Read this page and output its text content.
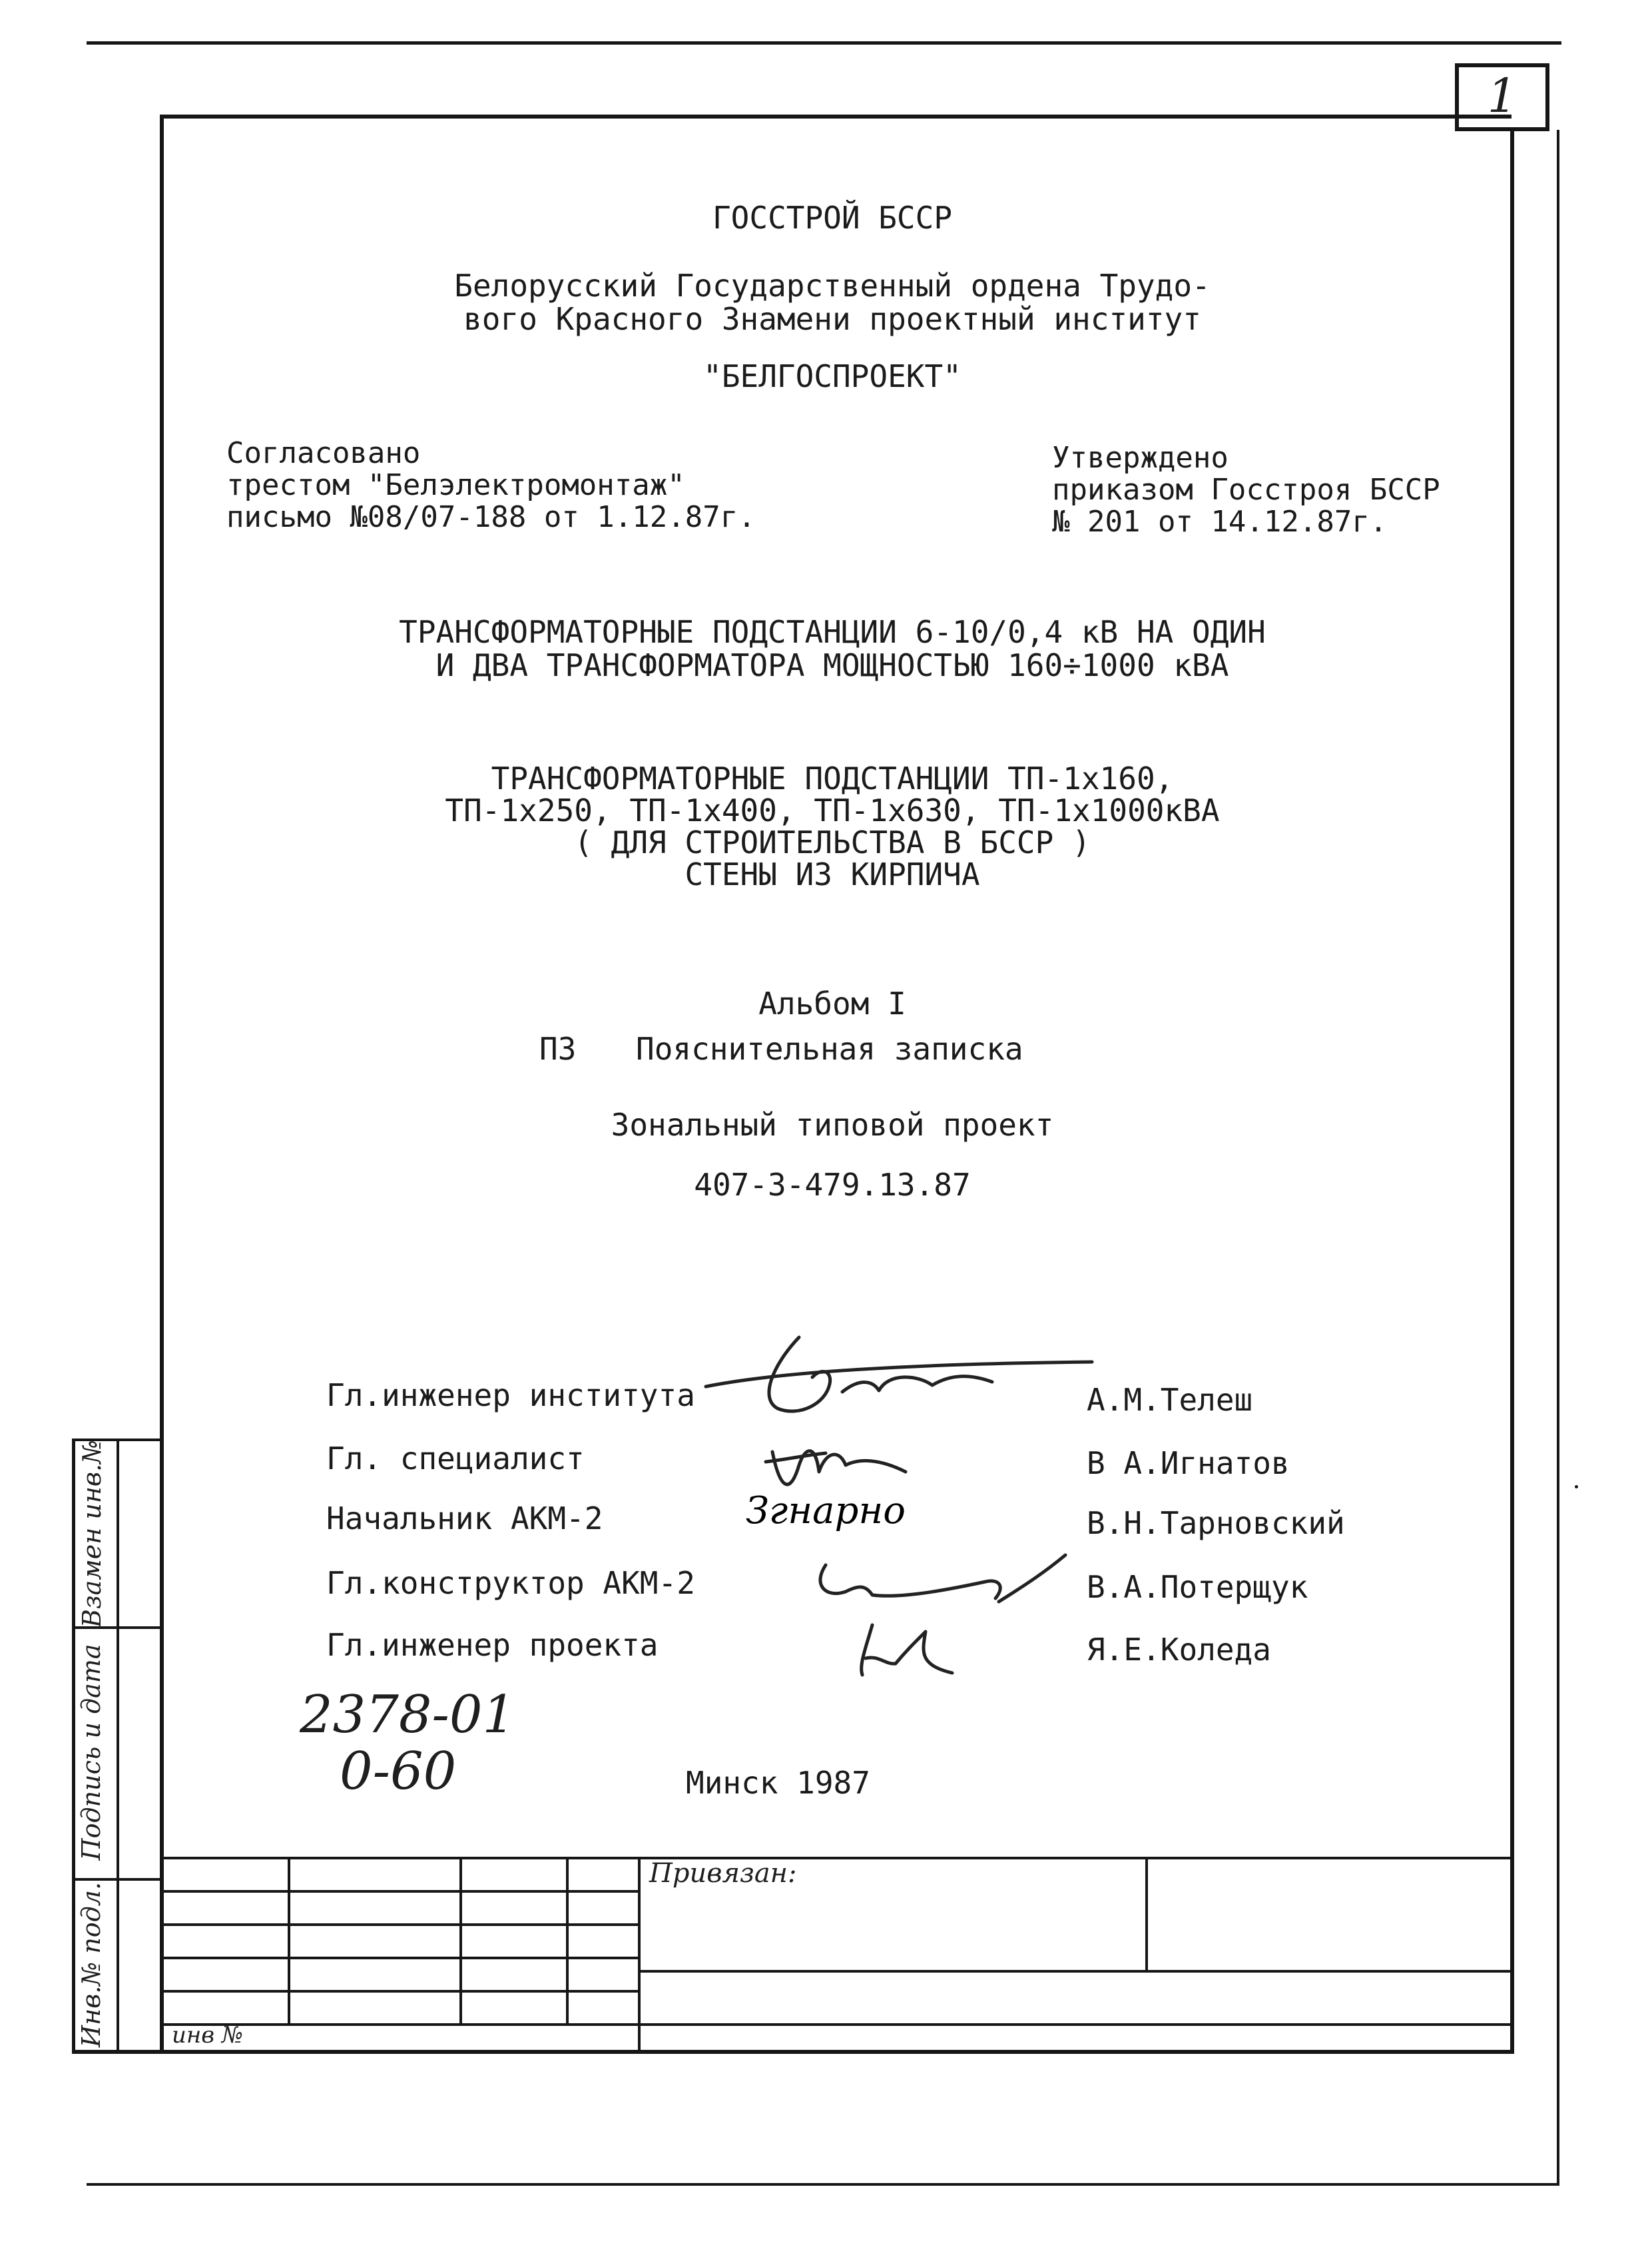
1
ГОССТРОЙ БССР
Белорусский Государственный ордена Трудо-
вого Красного Знамени проектный институт
"БЕЛГОСПРОЕКТ"
Согласовано
трестом "Белэлектромонтаж"
письмо №08/07-188 от 1.12.87г.
Утверждено
приказом Госстроя БССР
№ 201 от 14.12.87г.
ТРАНСФОРМАТОРНЫЕ ПОДСТАНЦИИ 6-10/0,4 кВ НА ОДИН
И ДВА ТРАНСФОРМАТОРА МОЩНОСТЬЮ 160÷1000 кВА
ТРАНСФОРМАТОРНЫЕ ПОДСТАНЦИИ ТП-1х160,
ТП-1х250, ТП-1х400, ТП-1х630, ТП-1х1000кВА
( ДЛЯ СТРОИТЕЛЬСТВА В БССР )
СТЕНЫ ИЗ КИРПИЧА
Альбом I
ПЗ Пояснительная записка
Зональный типовой проект
407-3-479.13.87
Гл.инженер института
Гл. специалист
Начальник АКМ-2
Гл.конструктор АКМ-2
Гл.инженер проекта
А.М.Телеш
В А.Игнатов
В.Н.Тарновский
В.А.Потерщук
Я.Е.Коледа
Згнарно
2378-01
0-60	Минск 1987
Взамен инв.№
Подпись и дата
Инв.№ подл.
Привязан:
инв №
